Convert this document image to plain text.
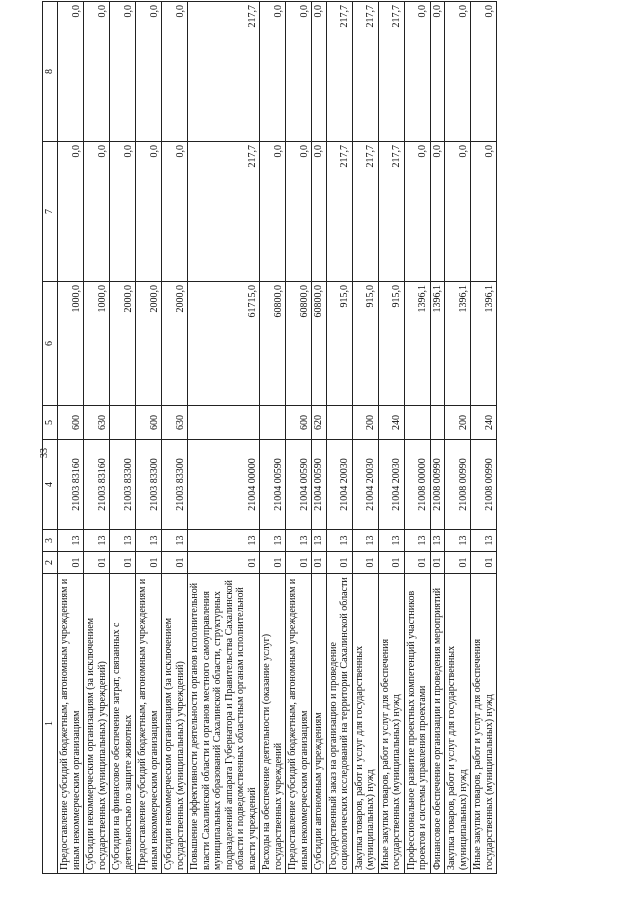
33
1	2	3	4	5	6	7	8
Предоставление субсидий бюджетным, автономным учреждениям и иным некоммерческим организациям	01	13	21003 83160	600	1000,0	0,0	0,0
Субсидии некоммерческим организациям (за исключением государственных (муниципальных) учреждений)	01	13	21003 83160	630	1000,0	0,0	0,0
Субсидии на финансовое обеспечение затрат, связанных с деятельностью по защите животных	01	13	21003 83300		2000,0	0,0	0,0
Предоставление субсидий бюджетным, автономным учреждениям и иным некоммерческим организациям	01	13	21003 83300	600	2000,0	0,0	0,0
Субсидии некоммерческим организациям (за исключением государственных (муниципальных) учреждений)	01	13	21003 83300	630	2000,0	0,0	0,0
Повышение эффективности деятельности органов исполнительной власти Сахалинской области и органов местного самоуправления муниципальных образований Сахалинской области, структурных подразделений аппарата Губернатора и Правительства Сахалинской области и подведомственных областным органам исполнительной власти учреждений	01	13	21004 00000		61715,0	217,7	217,7
Расходы на обеспечение деятельности (оказание услуг) государственных учреждений	01	13	21004 00590		60800,0	0,0	0,0
Предоставление субсидий бюджетным, автономным учреждениям и иным некоммерческим организациям	01	13	21004 00590	600	60800,0	0,0	0,0
Субсидии автономным учреждениям	01	13	21004 00590	620	60800,0	0,0	0,0
Государственный заказ на организацию и проведение социологических исследований на территории Сахалинской области	01	13	21004 20030		915,0	217,7	217,7
Закупка товаров, работ и услуг для государственных (муниципальных) нужд	01	13	21004 20030	200	915,0	217,7	217,7
Иные закупки товаров, работ и услуг для обеспечения государственных (муниципальных) нужд	01	13	21004 20030	240	915,0	217,7	217,7
Профессиональное развитие проектных компетенций участников проектов и системы управления проектами	01	13	21008 00000		1396,1	0,0	0,0
Финансовое обеспечение организации и проведения мероприятий	01	13	21008 00990		1396,1	0,0	0,0
Закупка товаров, работ и услуг для государственных (муниципальных) нужд	01	13	21008 00990	200	1396,1	0,0	0,0
Иные закупки товаров, работ и услуг для обеспечения государственных (муниципальных) нужд	01	13	21008 00990	240	1396,1	0,0	0,0
